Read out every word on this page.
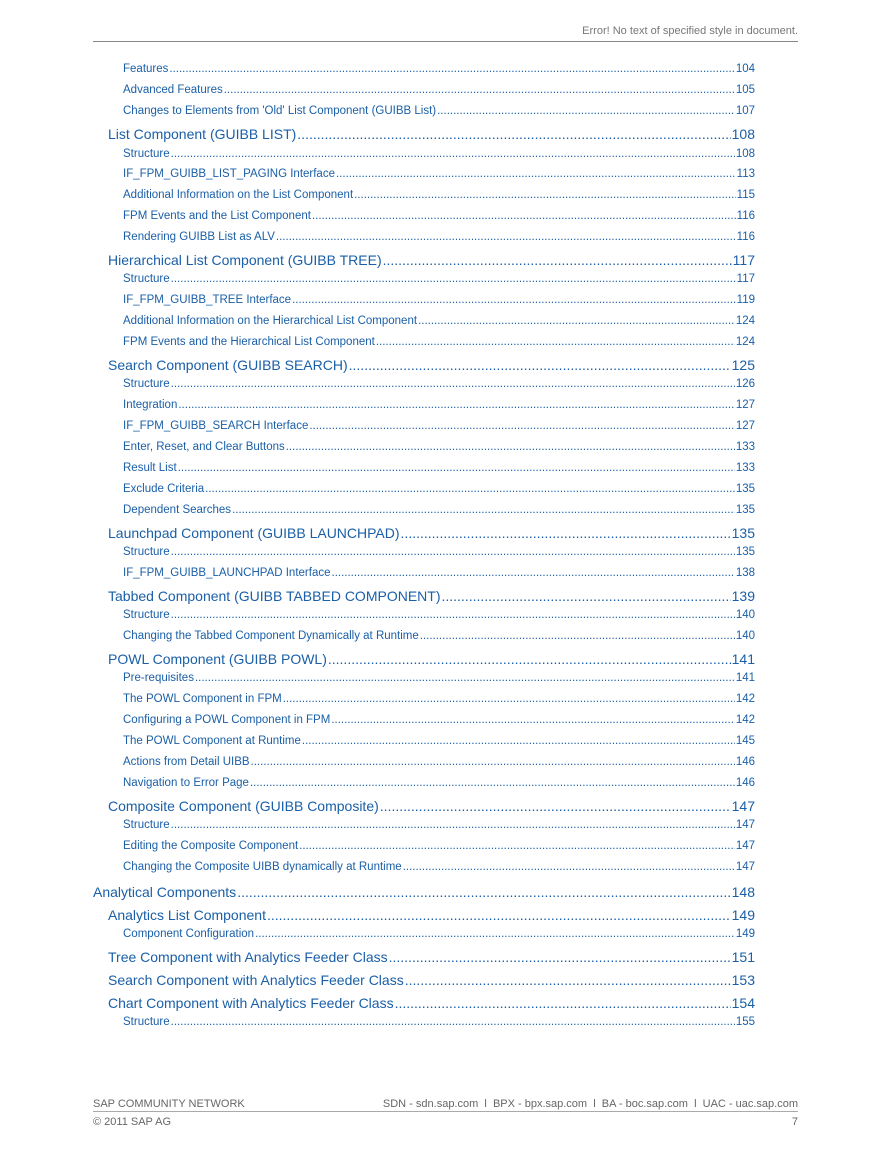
Error! No text of specified style in document.
Features .....	104
Advanced Features .....	105
Changes to Elements from 'Old' List Component (GUIBB List) .....	107
List Component (GUIBB LIST) .....	108
Structure .....	108
IF_FPM_GUIBB_LIST_PAGING Interface .....	113
Additional Information on the List Component .....	115
FPM Events and the List Component .....	116
Rendering GUIBB List as ALV .....	116
Hierarchical List Component (GUIBB TREE) .....	117
Structure .....	117
IF_FPM_GUIBB_TREE Interface .....	119
Additional Information on the Hierarchical List Component .....	124
FPM Events and the Hierarchical List Component .....	124
Search Component (GUIBB SEARCH) .....	125
Structure .....	126
Integration .....	127
IF_FPM_GUIBB_SEARCH Interface .....	127
Enter, Reset, and Clear Buttons .....	133
Result List .....	133
Exclude Criteria .....	135
Dependent Searches .....	135
Launchpad Component (GUIBB LAUNCHPAD) .....	135
Structure .....	135
IF_FPM_GUIBB_LAUNCHPAD Interface .....	138
Tabbed Component (GUIBB TABBED COMPONENT) .....	139
Structure .....	140
Changing the Tabbed Component Dynamically at Runtime .....	140
POWL Component (GUIBB POWL) .....	141
Pre-requisites .....	141
The POWL Component in FPM .....	142
Configuring a POWL Component in FPM .....	142
The POWL Component at Runtime .....	145
Actions from Detail UIBB .....	146
Navigation to Error Page .....	146
Composite Component (GUIBB Composite) .....	147
Structure .....	147
Editing the Composite Component .....	147
Changing the Composite UIBB dynamically at Runtime .....	147
Analytical Components .....	148
Analytics List Component .....	149
Component Configuration .....	149
Tree Component with Analytics Feeder Class .....	151
Search Component with Analytics Feeder Class .....	153
Chart Component with Analytics Feeder Class .....	154
Structure .....	155
SAP COMMUNITY NETWORK	SDN - sdn.sap.com  l  BPX - bpx.sap.com  l  BA - boc.sap.com  l  UAC - uac.sap.com
© 2011 SAP AG	7
